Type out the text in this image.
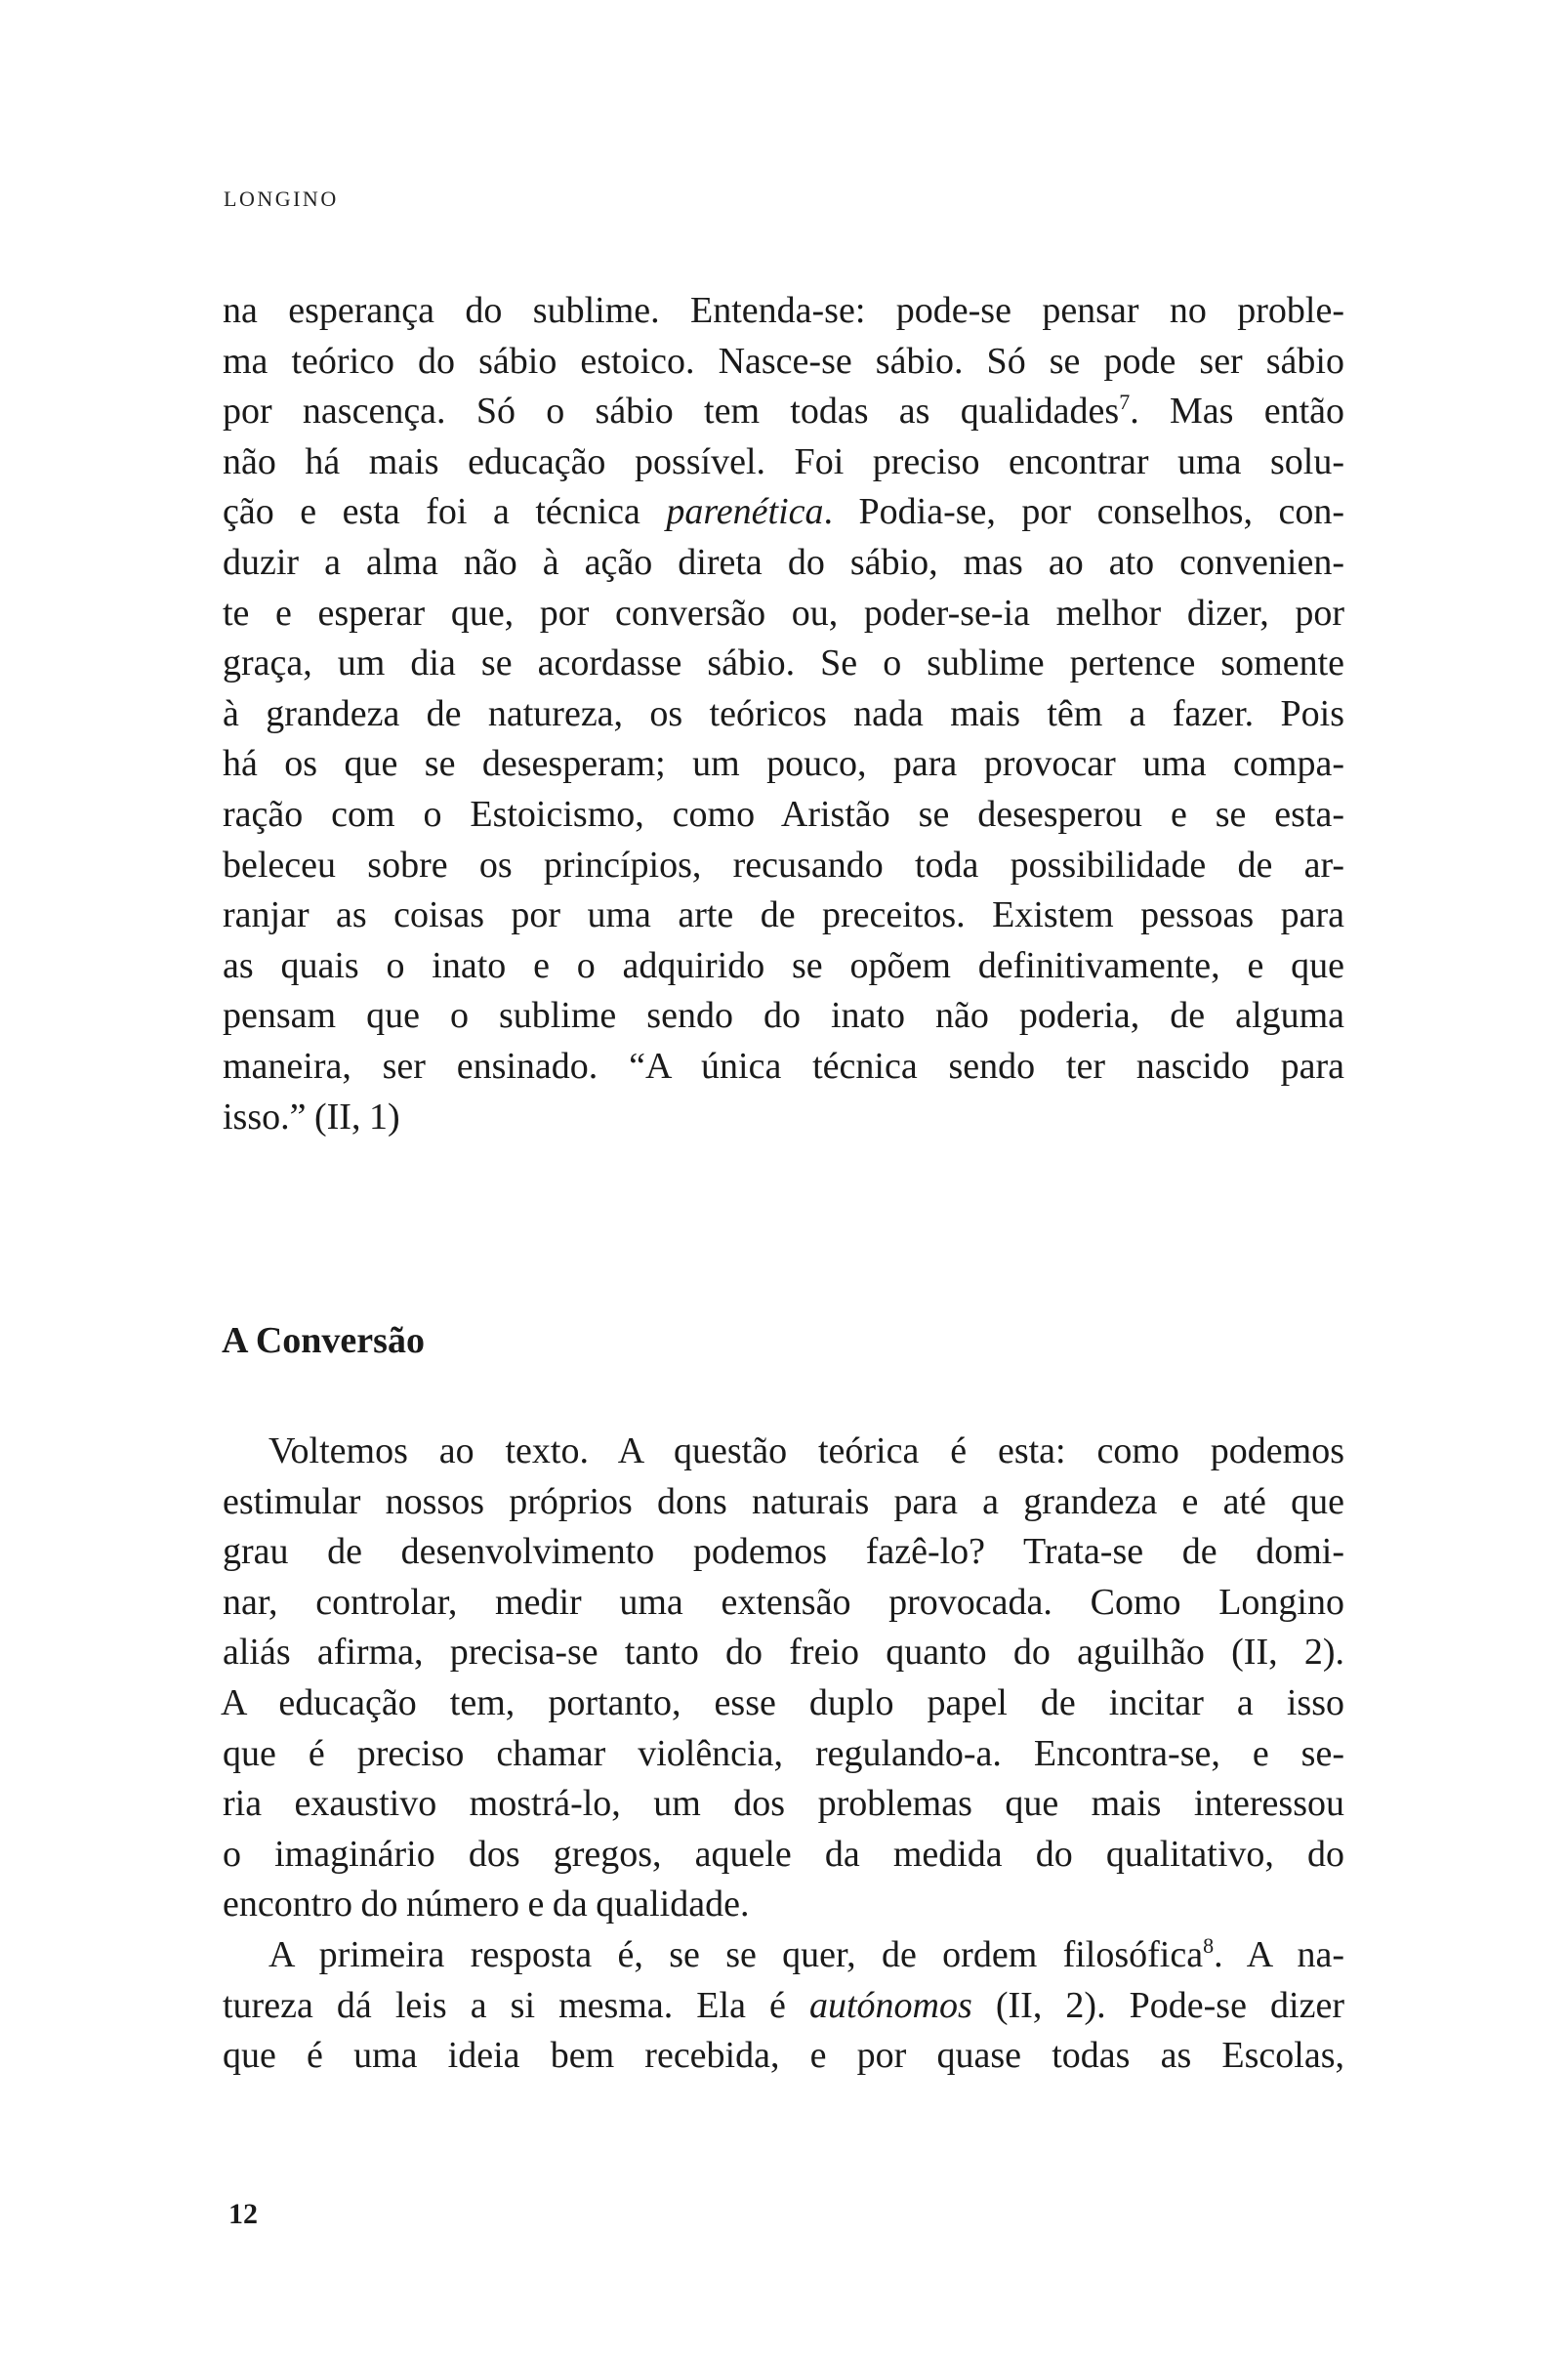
LONGINO
na esperança do sublime. Entenda-se: pode-se pensar no proble-
ma teórico do sábio estoico. Nasce-se sábio. Só se pode ser sábio
por nascença. Só o sábio tem todas as qualidades$^7$. Mas então
não há mais educação possível. Foi preciso encontrar uma solu-
ção e esta foi a técnica parenética. Podia-se, por conselhos, con-
duzir a alma não à ação direta do sábio, mas ao ato convenien-
te e esperar que, por conversão ou, poder-se-ia melhor dizer, por
graça, um dia se acordasse sábio. Se o sublime pertence somente
à grandeza de natureza, os teóricos nada mais têm a fazer. Pois
há os que se desesperam; um pouco, para provocar uma compa-
ração com o Estoicismo, como Aristão se desesperou e se esta-
beleceu sobre os princípios, recusando toda possibilidade de ar-
ranjar as coisas por uma arte de preceitos. Existem pessoas para
as quais o inato e o adquirido se opõem definitivamente, e que
pensam que o sublime sendo do inato não poderia, de alguma
maneira, ser ensinado. “A única técnica sendo ter nascido para
isso.” (II, 1)
A Conversão
Voltemos ao texto. A questão teórica é esta: como podemos
estimular nossos próprios dons naturais para a grandeza e até que
grau de desenvolvimento podemos fazê-lo? Trata-se de domi-
nar, controlar, medir uma extensão provocada. Como Longino
aliás afirma, precisa-se tanto do freio quanto do aguilhão (II, 2).
A educação tem, portanto, esse duplo papel de incitar a isso
que é preciso chamar violência, regulando-a. Encontra-se, e se-
ria exaustivo mostrá-lo, um dos problemas que mais interessou
o imaginário dos gregos, aquele da medida do qualitativo, do
encontro do número e da qualidade.
A primeira resposta é, se se quer, de ordem filosófica$^8$. A na-
tureza dá leis a si mesma. Ela é autónomos (II, 2). Pode-se dizer
que é uma ideia bem recebida, e por quase todas as Escolas,
12
